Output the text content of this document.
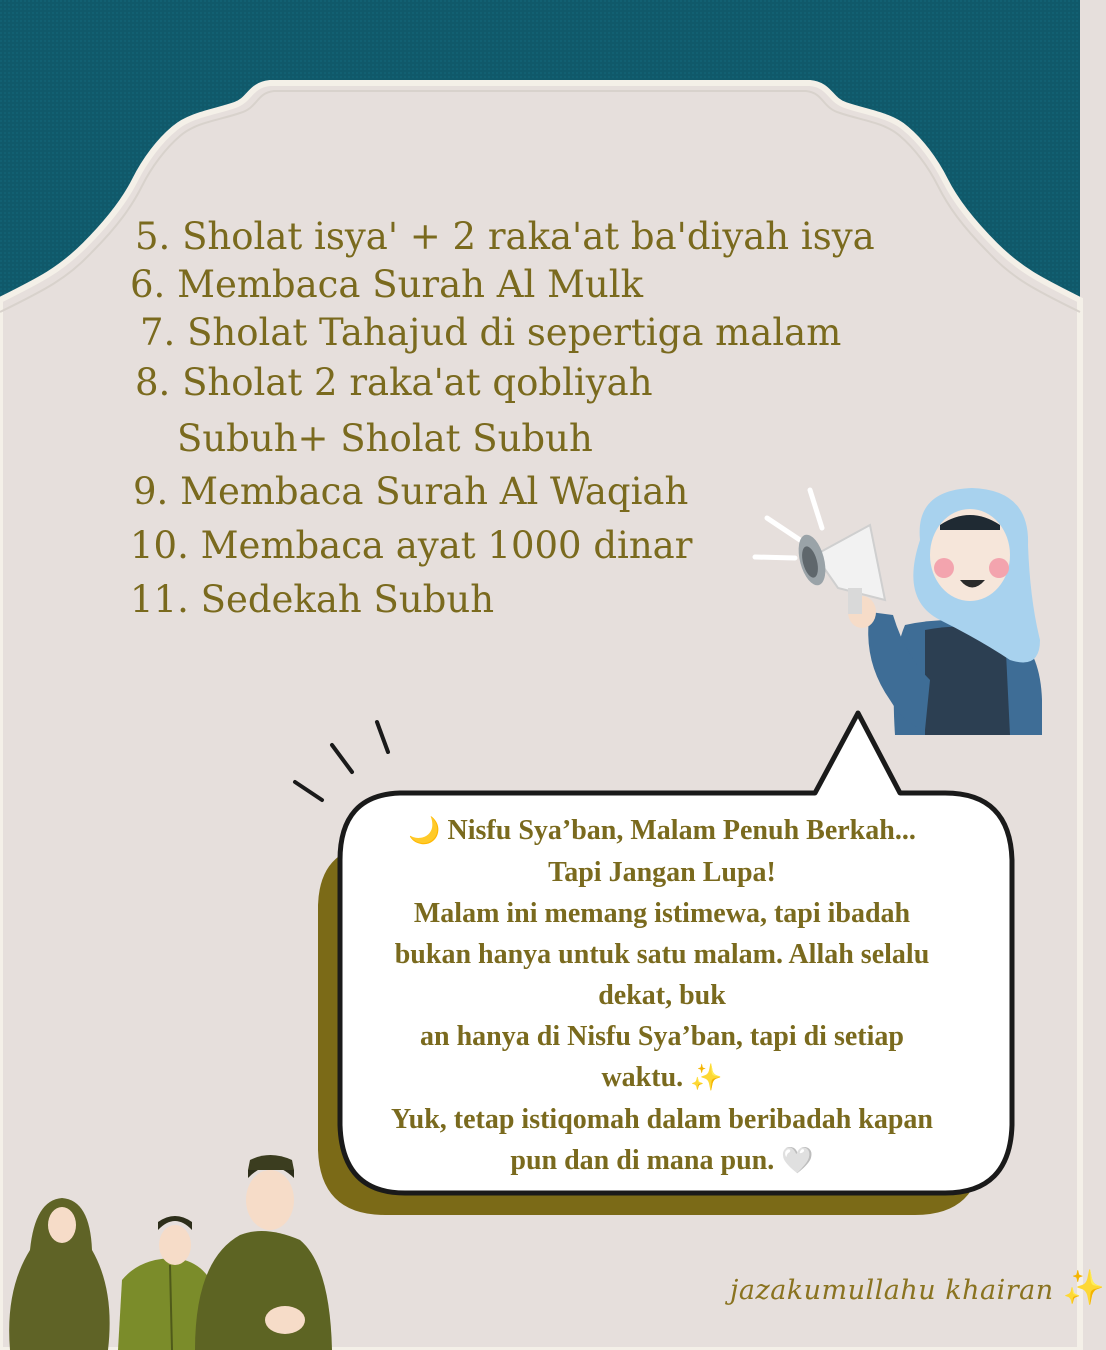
5. Sholat isya' + 2 raka'at ba'diyah isya
6. Membaca Surah Al Mulk
7. Sholat Tahajud di sepertiga malam
8. Sholat 2 raka'at qobliyah
Subuh+ Sholat Subuh
9. Membaca Surah Al Waqiah
10. Membaca ayat 1000 dinar
11. Sedekah Subuh
🌙 Nisfu Sya’ban, Malam Penuh Berkah...
Tapi Jangan Lupa!
Malam ini memang istimewa, tapi ibadah
bukan hanya untuk satu malam. Allah selalu
dekat, buk
an hanya di Nisfu Sya’ban, tapi di setiap
waktu. ✨
Yuk, tetap istiqomah dalam beribadah kapan
pun dan di mana pun. 🤍
jazakumullahu khairan ✨
